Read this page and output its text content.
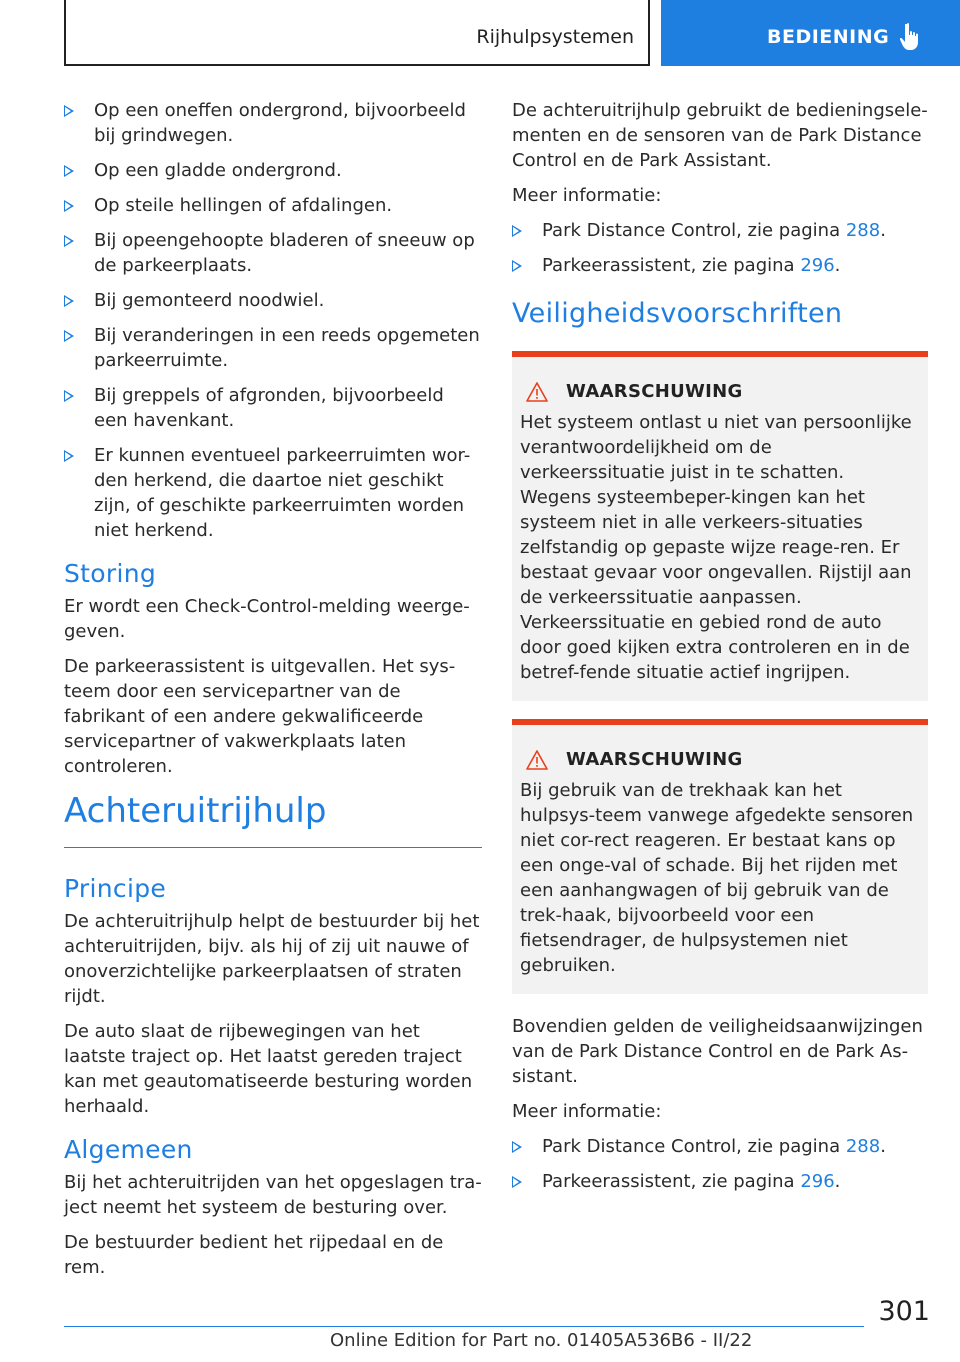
Rijhulpsystemen	BEDIENING
Op een oneffen ondergrond, bijvoorbeeld bij grindwegen.
Op een gladde ondergrond.
Op steile hellingen of afdalingen.
Bij opeengehoopte bladeren of sneeuw op de parkeerplaats.
Bij gemonteerd noodwiel.
Bij veranderingen in een reeds opgemeten parkeerruimte.
Bij greppels of afgronden, bijvoorbeeld een havenkant.
Er kunnen eventueel parkeerruimten wor-den herkend, die daartoe niet geschikt zijn, of geschikte parkeerruimten worden niet herkend.
Storing

Er wordt een Check-Control-melding weerge-geven.

De parkeerassistent is uitgevallen. Het sys-teem door een servicepartner van de fabrikant of een andere gekwalificeerde servicepartner of vakwerkplaats laten controleren.

Achteruitrijhulp
Principe

De achteruitrijhulp helpt de bestuurder bij het achteruitrijden, bijv. als hij of zij uit nauwe of onoverzichtelijke parkeerplaatsen of straten rijdt.

De auto slaat de rijbewegingen van het laatste traject op. Het laatst gereden traject kan met geautomatiseerde besturing worden herhaald.

Algemeen

Bij het achteruitrijden van het opgeslagen tra-ject neemt het systeem de besturing over.

De bestuurder bedient het rijpedaal en de rem.

De achteruitrijhulp gebruikt de bedieningsele-menten en de sensoren van de Park Distance Control en de Park Assistant.

Meer informatie:

Park Distance Control, zie pagina 288.
Parkeerassistent, zie pagina 296.
Veiligheidsvoorschriften
WAARSCHUWING

Het systeem ontlast u niet van persoonlijke verantwoordelijkheid om de verkeerssituatie juist in te schatten. Wegens systeembeper-kingen kan het systeem niet in alle verkeers-situaties zelfstandig op gepaste wijze reage-ren. Er bestaat gevaar voor ongevallen. Rijstijl aan de verkeerssituatie aanpassen. Verkeerssituatie en gebied rond de auto door goed kijken extra controleren en in de betref-fende situatie actief ingrijpen.

WAARSCHUWING

Bij gebruik van de trekhaak kan het hulpsys-teem vanwege afgedekte sensoren niet cor-rect reageren. Er bestaat kans op een onge-val of schade. Bij het rijden met een aanhangwagen of bij gebruik van de trek-haak, bijvoorbeeld voor een fietsendrager, de hulpsystemen niet gebruiken.

Bovendien gelden de veiligheidsaanwijzingen van de Park Distance Control en de Park As-sistant.

Meer informatie:

Park Distance Control, zie pagina 288.
Parkeerassistent, zie pagina 296.
301
Online Edition for Part no. 01405A536B6 - II/22
